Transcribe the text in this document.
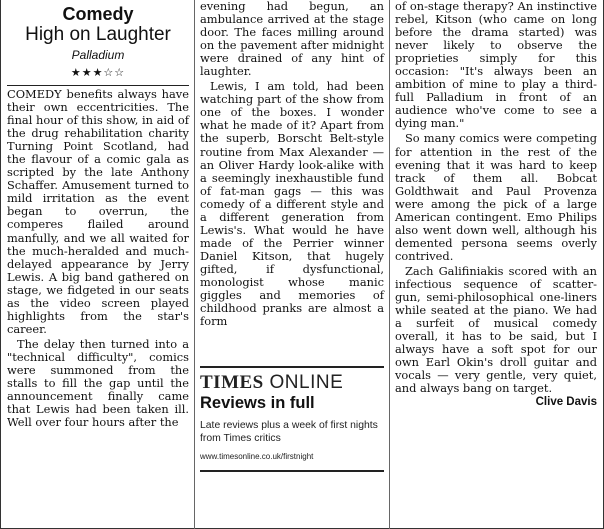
Comedy
High on Laughter
Palladium
★★★☆☆

COMEDY benefits always have their own eccentricities. The final hour of this show, in aid of the drug rehabilitation charity Turning Point Scotland, had the flavour of a comic gala as scripted by the late Anthony Schaffer. Amusement turned to mild irritation as the event began to overrun, the comperes flailed around manfully, and we all waited for the much-heralded and much-delayed appearance by Jerry Lewis. A big band gathered on stage, we fidgeted in our seats as the video screen played highlights from the star's career.

The delay then turned into a "technical difficulty", comics were summoned from the stalls to fill the gap until the announcement finally came that Lewis had been taken ill. Well over four hours after the

evening had begun, an ambulance arrived at the stage door. The faces milling around on the pavement after midnight were drained of any hint of laughter.

Lewis, I am told, had been watching part of the show from one of the boxes. I wonder what he made of it? Apart from the superb, Borscht Belt-style routine from Max Alexander — an Oliver Hardy look-alike with a seemingly inexhaustible fund of fat-man gags — this was comedy of a different style and a different generation from Lewis's. What would he have made of the Perrier winner Daniel Kitson, that hugely gifted, if dysfunctional, monologist whose manic giggles and memories of childhood pranks are almost a form

TIMES ONLINE
Reviews in full
Late reviews plus a week of first nights from Times critics
www.timesonline.co.uk/firstnight

of on-stage therapy? An instinctive rebel, Kitson (who came on long before the drama started) was never likely to observe the proprieties simply for this occasion: "It's always been an ambition of mine to play a third-full Palladium in front of an audience who've come to see a dying man."

So many comics were competing for attention in the rest of the evening that it was hard to keep track of them all. Bobcat Goldthwait and Paul Provenza were among the pick of a large American contingent. Emo Philips also went down well, although his demented persona seems overly contrived.

Zach Galifiniakis scored with an infectious sequence of scatter-gun, semi-philosophical one-liners while seated at the piano. We had a surfeit of musical comedy overall, it has to be said, but I always have a soft spot for our own Earl Okin's droll guitar and vocals — very gentle, very quiet, and always bang on target.

Clive Davis
